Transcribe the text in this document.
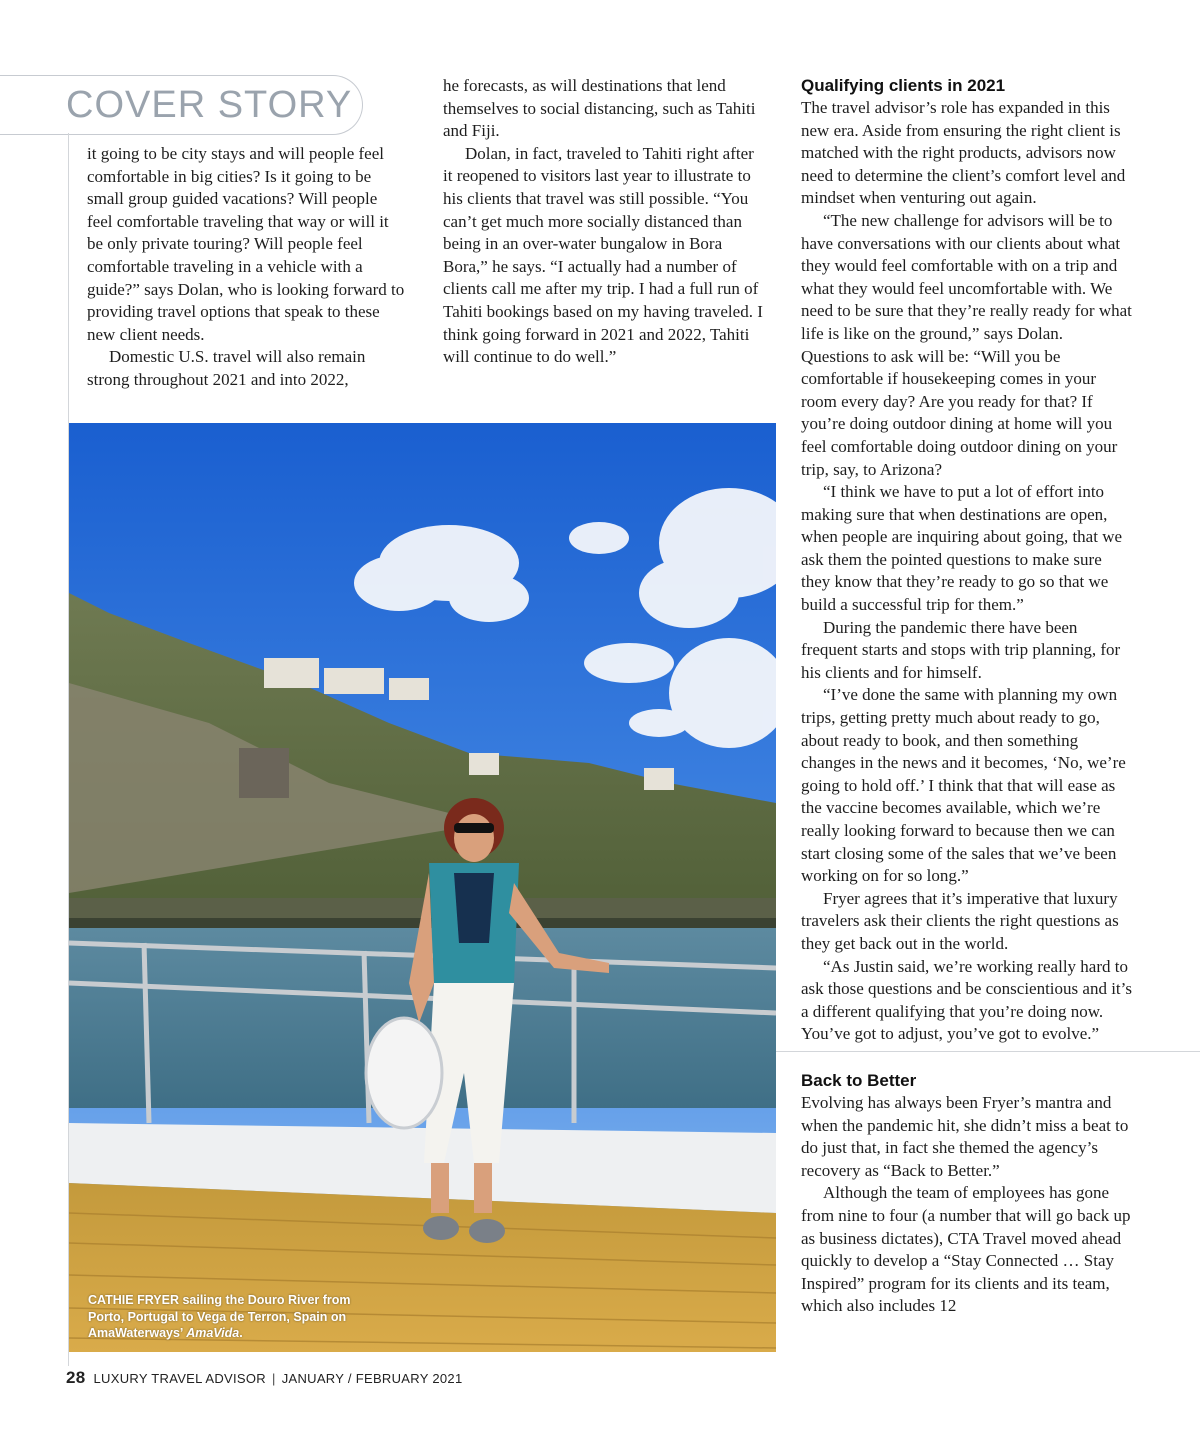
COVER STORY

it going to be city stays and will people feel comfortable in big cities? Is it going to be small group guided vacations? Will people feel comfortable traveling that way or will it be only private touring? Will people feel comfortable traveling in a vehicle with a guide?” says Dolan, who is looking forward to providing travel options that speak to these new client needs.

Domestic U.S. travel will also remain strong throughout 2021 and into 2022,

he forecasts, as will destinations that lend themselves to social distancing, such as Tahiti and Fiji.

Dolan, in fact, traveled to Tahiti right after it reopened to visitors last year to illustrate to his clients that travel was still possible. “You can’t get much more socially distanced than being in an over-water bungalow in Bora Bora,” he says. “I actually had a number of clients call me after my trip. I had a full run of Tahiti bookings based on my having traveled. I think going forward in 2021 and 2022, Tahiti will continue to do well.”

Qualifying clients in 2021

The travel advisor’s role has expanded in this new era. Aside from ensuring the right client is matched with the right products, advisors now need to determine the client’s comfort level and mindset when venturing out again.

“The new challenge for advisors will be to have conversations with our clients about what they would feel comfortable with on a trip and what they would feel uncomfortable with. We need to be sure that they’re really ready for what life is like on the ground,” says Dolan. Questions to ask will be: “Will you be comfortable if housekeeping comes in your room every day? Are you ready for that? If you’re doing outdoor dining at home will you feel comfortable doing outdoor dining on your trip, say, to Arizona?

“I think we have to put a lot of effort into making sure that when destinations are open, when people are inquiring about going, that we ask them the pointed questions to make sure they know that they’re ready to go so that we build a successful trip for them.”

During the pandemic there have been frequent starts and stops with trip planning, for his clients and for himself.

“I’ve done the same with planning my own trips, getting pretty much about ready to go, about ready to book, and then something changes in the news and it becomes, ‘No, we’re going to hold off.’ I think that that will ease as the vaccine becomes available, which we’re really looking forward to because then we can start closing some of the sales that we’ve been working on for so long.”

Fryer agrees that it’s imperative that luxury travelers ask their clients the right questions as they get back out in the world.

“As Justin said, we’re working really hard to ask those questions and be conscientious and it’s a different qualifying that you’re doing now. You’ve got to adjust, you’ve got to evolve.”

Back to Better

Evolving has always been Fryer’s mantra and when the pandemic hit, she didn’t miss a beat to do just that, in fact she themed the agency’s recovery as “Back to Better.”

Although the team of employees has gone from nine to four (a number that will go back up as business dictates), CTA Travel moved ahead quickly to develop a “Stay Connected … Stay Inspired” program for its clients and its team, which also includes 12

CATHIE FRYER sailing the Douro River from Porto, Portugal to Vega de Terron, Spain on AmaWaterways’ AmaVida.
28 LUXURY TRAVEL ADVISOR | JANUARY / FEBRUARY 2021
